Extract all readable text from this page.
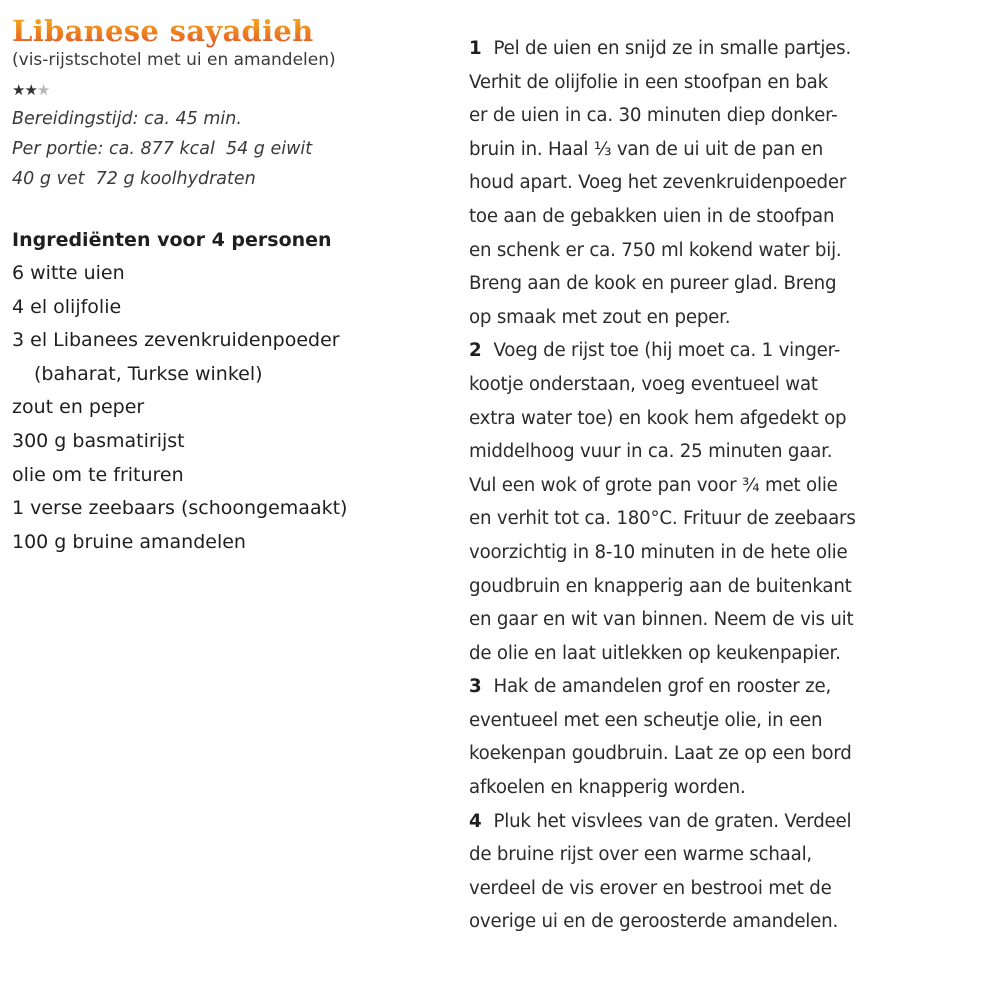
Libanese sayadieh
(vis-rijstschotel met ui en amandelen)
★★★
Bereidingstijd: ca. 45 min.
Per portie: ca. 877 kcal  54 g eiwit
40 g vet  72 g koolhydraten
Ingrediënten voor 4 personen
6 witte uien
4 el olijfolie
3 el Libanees zevenkruidenpoeder
(baharat, Turkse winkel)
zout en peper
300 g basmatirijst
olie om te frituren
1 verse zeebaars (schoongemaakt)
100 g bruine amandelen
1 Pel de uien en snijd ze in smalle partjes.
Verhit de olijfolie in een stoofpan en bak
er de uien in ca. 30 minuten diep donker-
bruin in. Haal ⅓ van de ui uit de pan en
houd apart. Voeg het zevenkruidenpoeder
toe aan de gebakken uien in de stoofpan
en schenk er ca. 750 ml kokend water bij.
Breng aan de kook en pureer glad. Breng
op smaak met zout en peper.
2 Voeg de rijst toe (hij moet ca. 1 vinger-
kootje onderstaan, voeg eventueel wat
extra water toe) en kook hem afgedekt op
middelhoog vuur in ca. 25 minuten gaar.
Vul een wok of grote pan voor ¾ met olie
en verhit tot ca. 180°C. Frituur de zeebaars
voorzichtig in 8-10 minuten in de hete olie
goudbruin en knapperig aan de buitenkant
en gaar en wit van binnen. Neem de vis uit
de olie en laat uitlekken op keukenpapier.
3 Hak de amandelen grof en rooster ze,
eventueel met een scheutje olie, in een
koekenpan goudbruin. Laat ze op een bord
afkoelen en knapperig worden.
4 Pluk het visvlees van de graten. Verdeel
de bruine rijst over een warme schaal,
verdeel de vis erover en bestrooi met de
overige ui en de geroosterde amandelen.
